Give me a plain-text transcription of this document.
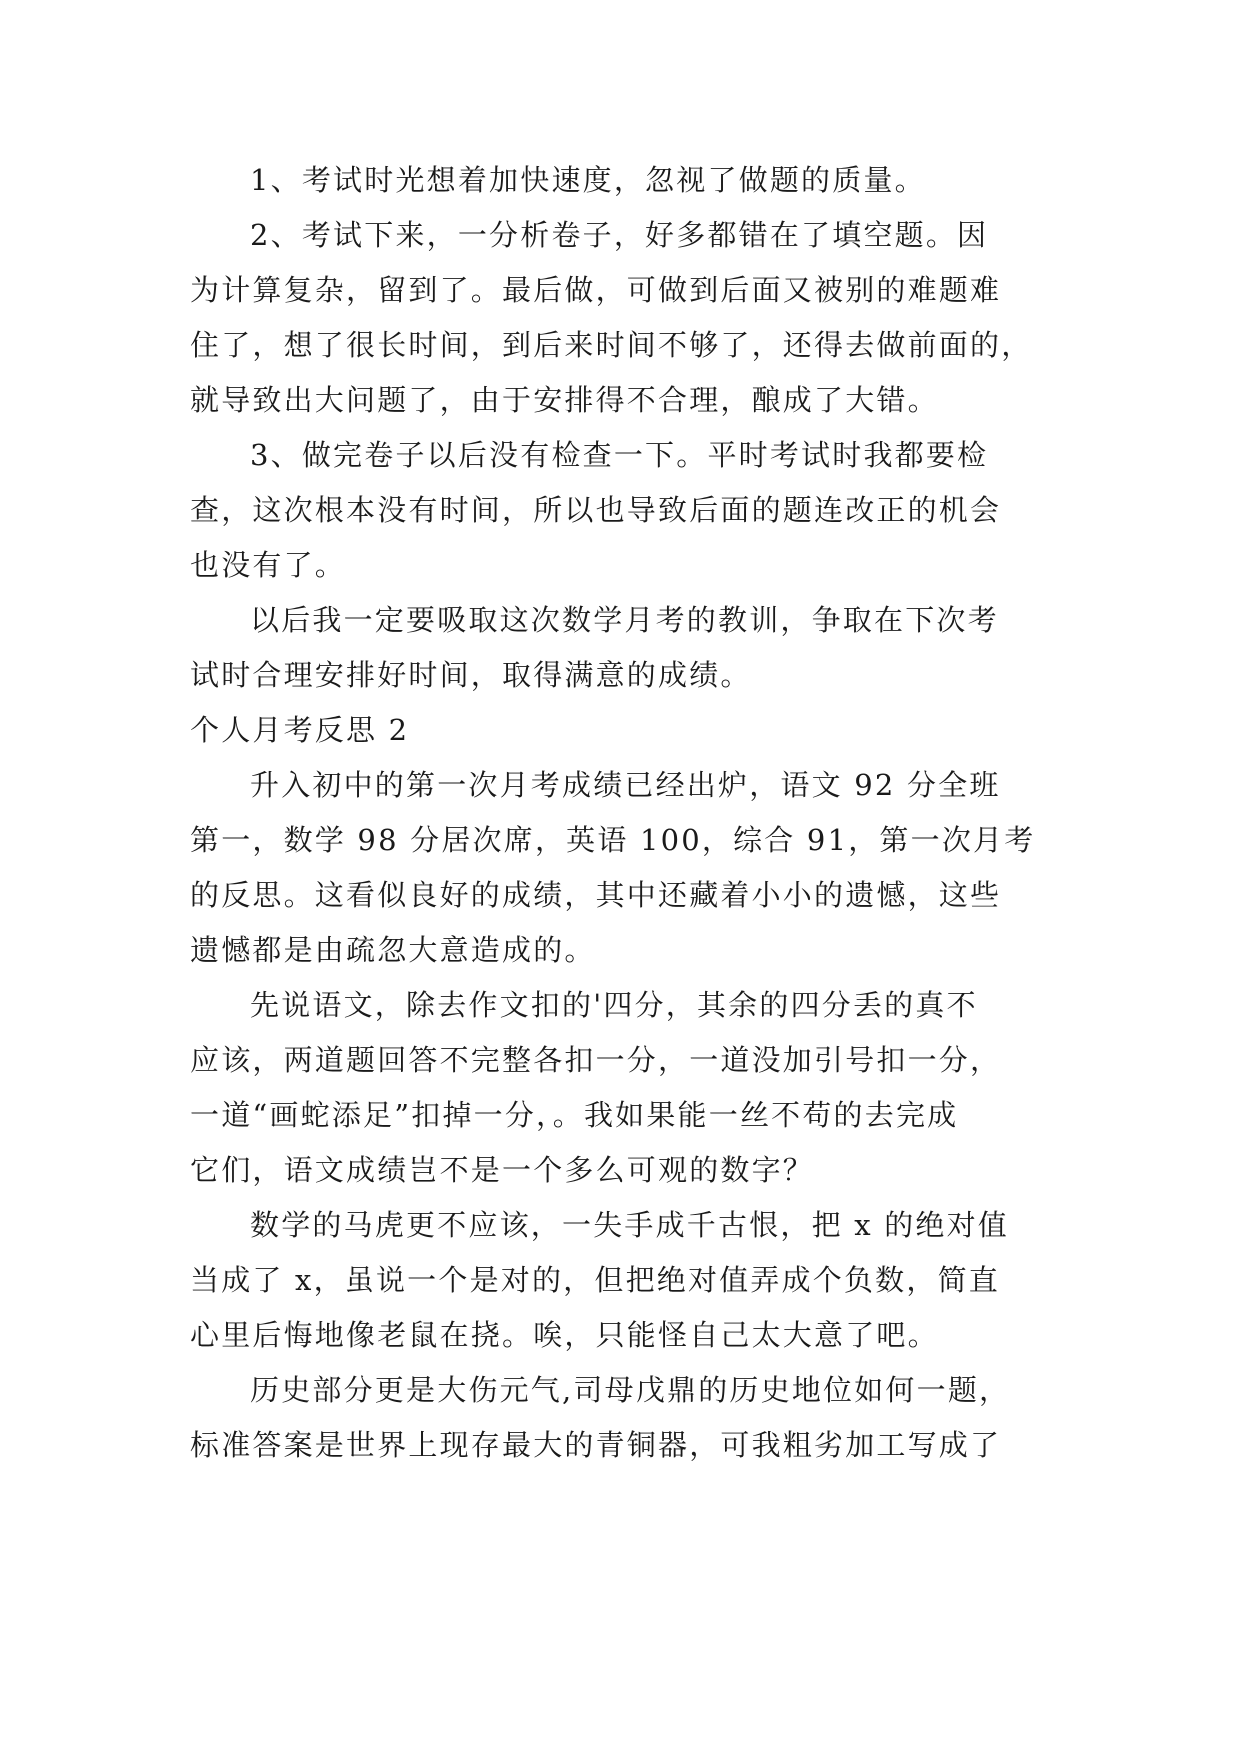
1、考试时光想着加快速度，忽视了做题的质量。
2、考试下来，一分析卷子，好多都错在了填空题。因
为计算复杂，留到了。最后做，可做到后面又被别的难题难
住了，想了很长时间，到后来时间不够了，还得去做前面的，
就导致出大问题了，由于安排得不合理，酿成了大错。
3、做完卷子以后没有检查一下。平时考试时我都要检
查，这次根本没有时间，所以也导致后面的题连改正的机会
也没有了。
以后我一定要吸取这次数学月考的教训，争取在下次考
试时合理安排好时间，取得满意的成绩。
个人月考反思 2
升入初中的第一次月考成绩已经出炉，语文 92 分全班
第一，数学 98 分居次席，英语 100，综合 91，第一次月考
的反思。这看似良好的成绩，其中还藏着小小的遗憾，这些
遗憾都是由疏忽大意造成的。
先说语文，除去作文扣的'四分，其余的四分丢的真不
应该，两道题回答不完整各扣一分，一道没加引号扣一分，
一道“画蛇添足”扣掉一分，。我如果能一丝不苟的去完成
它们，语文成绩岂不是一个多么可观的数字？
数学的马虎更不应该，一失手成千古恨，把 x 的绝对值
当成了 x，虽说一个是对的，但把绝对值弄成个负数，简直
心里后悔地像老鼠在挠。唉，只能怪自己太大意了吧。
历史部分更是大伤元气,司母戊鼎的历史地位如何一题，
标准答案是世界上现存最大的青铜器，可我粗劣加工写成了
